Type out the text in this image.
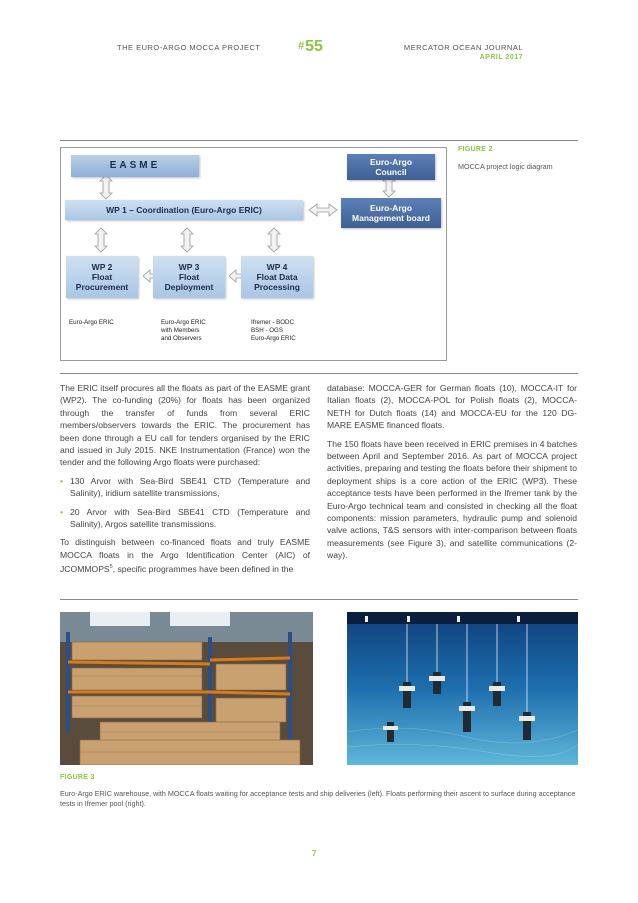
THE EURO-ARGO MOCCA PROJECT	#55	MERCATOR OCEAN JOURNAL
APRIL 2017
EASME	Euro-Argo
Council
WP 1 – Coordination (Euro-Argo ERIC)	Euro-Argo
Management board
WP 2
Float
Procurement
WP 3
Float
Deployment
WP 4
Float Data
Processing
Euro-Argo ERIC	Euro-Argo ERIC
with Members
and Observers
Ifremer - BODC
BSH - OGS
Euro-Argo ERIC
FIGURE 2
MOCCA project logic diagram

The ERIC itself procures all the floats as part of the EASME grant (WP2). The co-funding (20%) for floats has been organized through the transfer of funds from several ERIC members/observers towards the ERIC. The procurement has been done through a EU call for tenders organised by the ERIC and issued in July 2015. NKE Instrumentation (France) won the tender and the following Argo floats were purchased:

• 130 Arvor with Sea-Bird SBE41 CTD (Temperature and Salinity), iridium satellite transmissions,
• 20 Arvor with Sea-Bird SBE41 CTD (Temperature and Salinity), Argos satellite transmissions.

To distinguish between co-financed floats and truly EASME MOCCA floats in the Argo Identification Center (AIC) of JCOMMOPS$^5$, specific programmes have been defined in the

database: MOCCA-GER for German floats (10), MOCCA-IT for Italian floats (2), MOCCA-POL for Polish floats (2), MOCCA-NETH for Dutch floats (14) and MOCCA-EU for the 120 DG-MARE EASME financed floats.

The 150 floats have been received in ERIC premises in 4 batches between April and September 2016. As part of MOCCA project activities, preparing and testing the floats before their shipment to deployment ships is a core action of the ERIC (WP3). These acceptance tests have been performed in the Ifremer tank by the Euro-Argo technical team and consisted in checking all the float components: mission parameters, hydraulic pump and solenoid valve actions, T&S sensors with inter-comparison between floats measurements (see Figure 3), and satellite communications (2-way).

FIGURE 3
Euro-Argo ERIC warehouse, with MOCCA floats waiting for acceptance tests and ship deliveries (left). Floats performing their ascent to surface during acceptance tests in Ifremer pool (right).
7
